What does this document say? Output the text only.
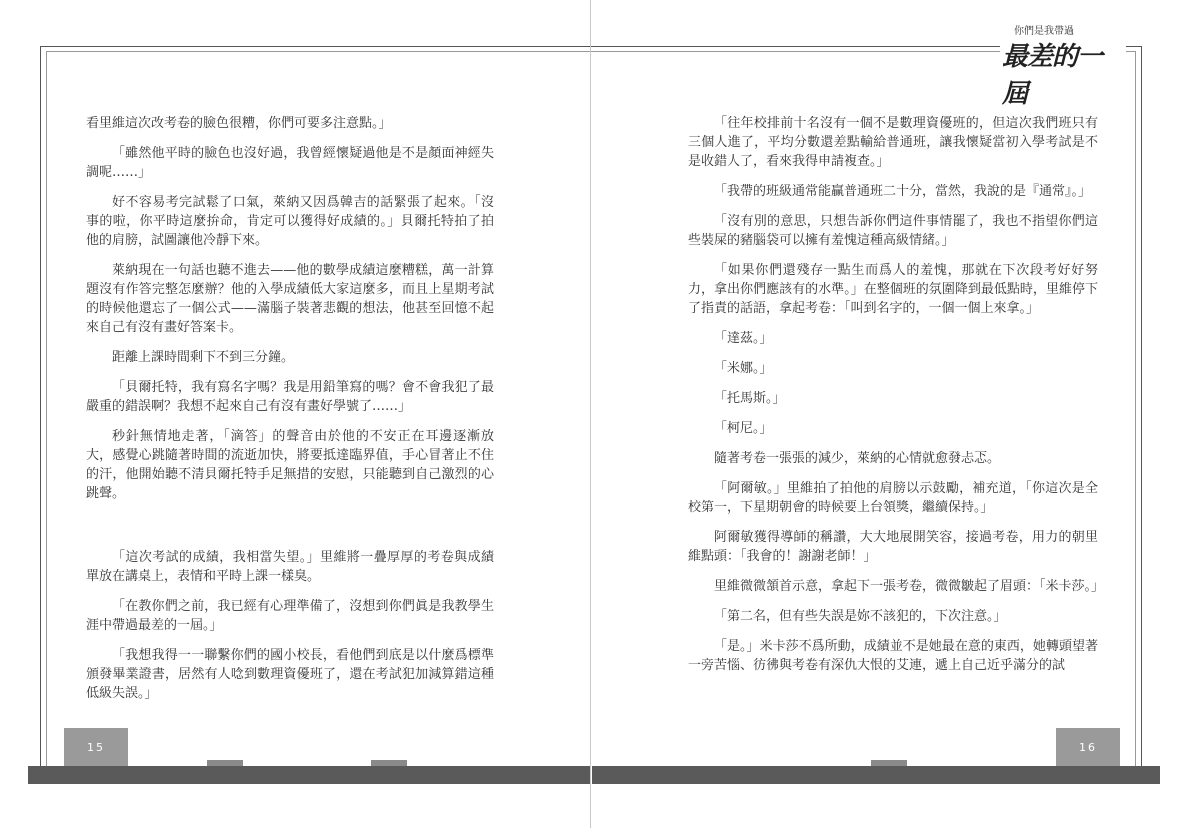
你們是我帶過
最差的一屆

看里維這次改考卷的臉色很糟，你們可要多注意點。」

「雖然他平時的臉色也沒好過，我曾經懷疑過他是不是顏面神經失調呢……」

好不容易考完試鬆了口氣，萊納又因爲韓吉的話緊張了起來。「沒事的啦，你平時這麼拚命，肯定可以獲得好成績的。」貝爾托特拍了拍他的肩膀，試圖讓他冷靜下來。

萊納現在一句話也聽不進去——他的數學成績這麼糟糕，萬一計算題沒有作答完整怎麼辦？他的入學成績低大家這麼多，而且上星期考試的時候他還忘了一個公式——滿腦子裝著悲觀的想法，他甚至回憶不起來自己有沒有畫好答案卡。

距離上課時間剩下不到三分鐘。

「貝爾托特，我有寫名字嗎？我是用鉛筆寫的嗎？會不會我犯了最嚴重的錯誤啊？我想不起來自己有沒有畫好學號了……」

秒針無情地走著，「滴答」的聲音由於他的不安正在耳邊逐漸放大，感覺心跳隨著時間的流逝加快，將要抵達臨界值，手心冒著止不住的汗，他開始聽不清貝爾托特手足無措的安慰，只能聽到自己激烈的心跳聲。

「這次考試的成績，我相當失望。」里維將一疊厚厚的考卷與成績單放在講桌上，表情和平時上課一樣臭。

「在教你們之前，我已經有心理準備了，沒想到你們眞是我教學生涯中帶過最差的一屆。」

「我想我得一一聯繫你們的國小校長，看他們到底是以什麼爲標準頒發畢業證書，居然有人唸到數理資優班了，還在考試犯加減算錯這種低級失誤。」

「往年校排前十名沒有一個不是數理資優班的，但這次我們班只有三個人進了，平均分數還差點輸給普通班，讓我懷疑當初入學考試是不是收錯人了，看來我得申請複查。」

「我帶的班級通常能贏普通班二十分，當然，我說的是『通常』。」

「沒有別的意思，只想告訴你們這件事情罷了，我也不指望你們這些裝屎的豬腦袋可以擁有羞愧這種高級情緒。」

「如果你們還殘存一點生而爲人的羞愧，那就在下次段考好好努力，拿出你們應該有的水準。」在整個班的氛圍降到最低點時，里維停下了指責的話語，拿起考卷：「叫到名字的，一個一個上來拿。」

「達茲。」

「米娜。」

「托馬斯。」

「柯尼。」

隨著考卷一張張的減少，萊納的心情就愈發忐忑。

「阿爾敏。」里維拍了拍他的肩膀以示鼓勵，補充道，「你這次是全校第一，下星期朝會的時候要上台領獎，繼續保持。」

阿爾敏獲得導師的稱讚，大大地展開笑容，接過考卷，用力的朝里維點頭：「我會的！謝謝老師！」

里維微微頷首示意，拿起下一張考卷，微微皺起了眉頭：「米卡莎。」

「第二名，但有些失誤是妳不該犯的，下次注意。」

「是。」米卡莎不爲所動，成績並不是她最在意的東西，她轉頭望著一旁苦惱、彷彿與考卷有深仇大恨的艾連，遞上自己近乎滿分的試

15	16
